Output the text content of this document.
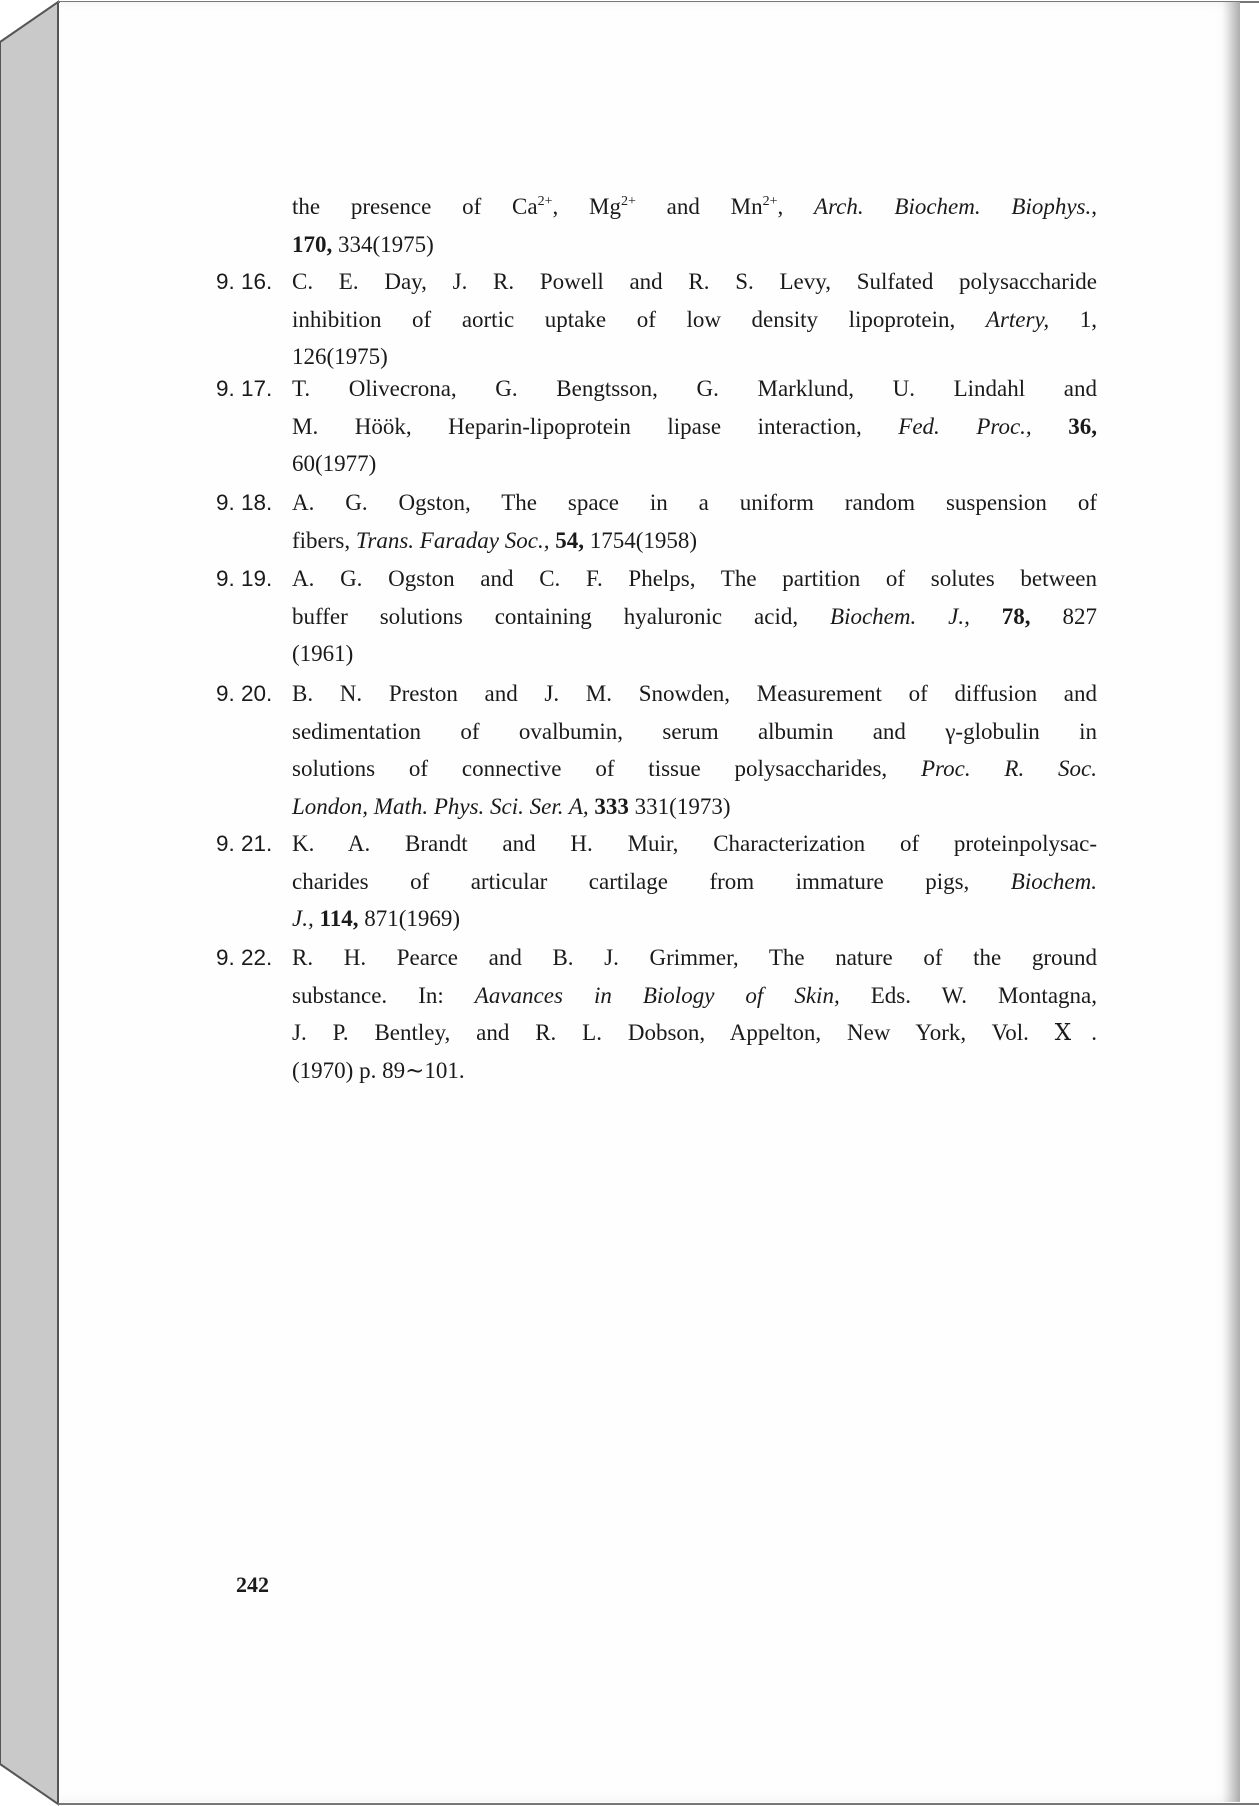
the presence of $Ca^{2+}$, $Mg^{2+}$ and $Mn^{2+}$, Arch. Biochem. Biophys.,
170, 334(1975)
9. 16. C. E. Day, J. R. Powell and R. S. Levy, Sulfated polysaccharide
inhibition of aortic uptake of low density lipoprotein, Artery, 1,
126(1975)
9. 17. T. Olivecrona, G. Bengtsson, G. Marklund, U. Lindahl and
M. Höök, Heparin-lipoprotein lipase interaction, Fed. Proc., 36,
60(1977)
9. 18. A. G. Ogston, The space in a uniform random suspension of
fibers, Trans. Faraday Soc., 54, 1754(1958)
9. 19. A. G. Ogston and C. F. Phelps, The partition of solutes between
buffer solutions containing hyaluronic acid, Biochem. J., 78, 827
(1961)
9. 20. B. N. Preston and J. M. Snowden, Measurement of diffusion and
sedimentation of ovalbumin, serum albumin and γ-globulin in
solutions of connective of tissue polysaccharides, Proc. R. Soc.
London, Math. Phys. Sci. Ser. A, 333 331(1973)
9. 21. K. A. Brandt and H. Muir, Characterization of proteinpolysac-
charides of articular cartilage from immature pigs, Biochem.
J., 114, 871(1969)
9. 22. R. H. Pearce and B. J. Grimmer, The nature of the ground
substance. In: Aavances in Biology of Skin, Eds. W. Montagna,
J. P. Bentley, and R. L. Dobson, Appelton, New York, Vol. Ⅹ.
(1970) p. 89∼101.
242
